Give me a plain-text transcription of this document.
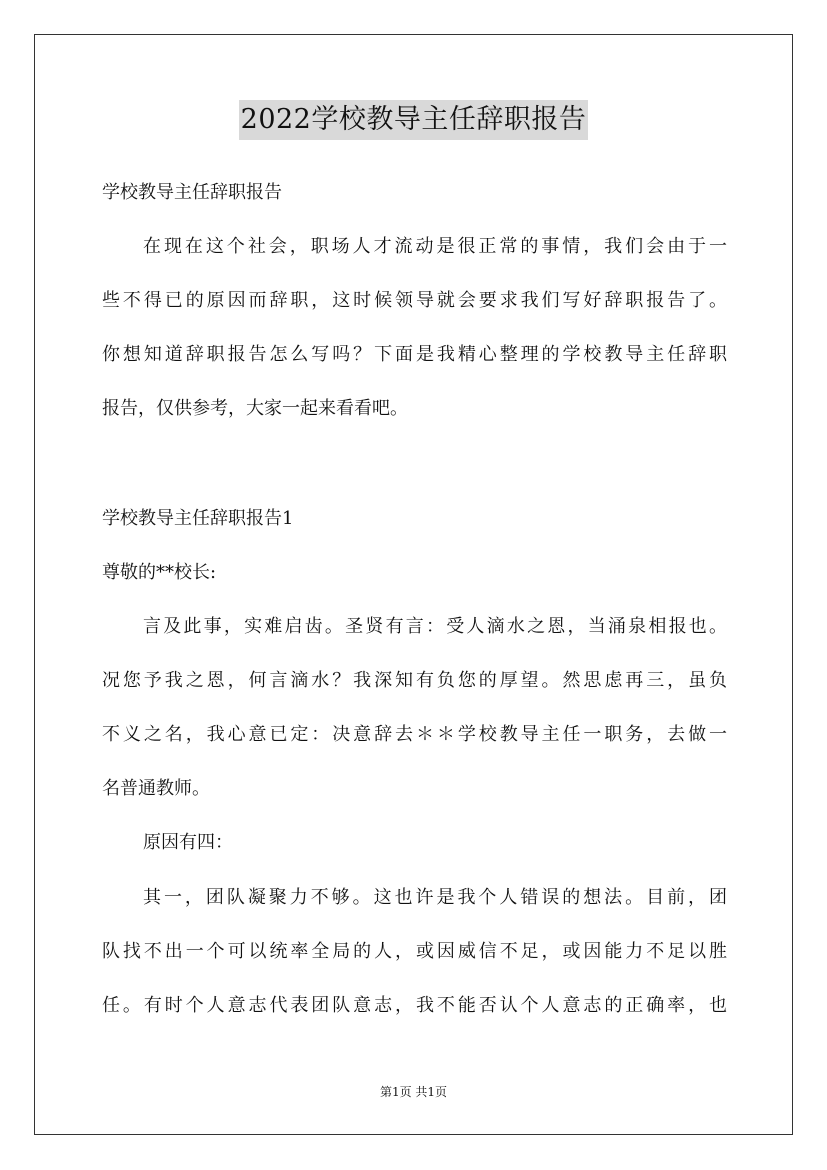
2022学校教导主任辞职报告
学校教导主任辞职报告
在现在这个社会，职场人才流动是很正常的事情，我们会由于一
些不得已的原因而辞职，这时候领导就会要求我们写好辞职报告了。
你想知道辞职报告怎么写吗？下面是我精心整理的学校教导主任辞职
报告，仅供参考，大家一起来看看吧。
学校教导主任辞职报告1
尊敬的**校长:
言及此事，实难启齿。圣贤有言：受人滴水之恩，当涌泉相报也。
况您予我之恩，何言滴水？我深知有负您的厚望。然思虑再三，虽负
不义之名，我心意已定：决意辞去＊＊学校教导主任一职务，去做一
名普通教师。
原因有四：
其一，团队凝聚力不够。这也许是我个人错误的想法。目前，团
队找不出一个可以统率全局的人，或因威信不足，或因能力不足以胜
任。有时个人意志代表团队意志，我不能否认个人意志的正确率，也
第1页 共1页
